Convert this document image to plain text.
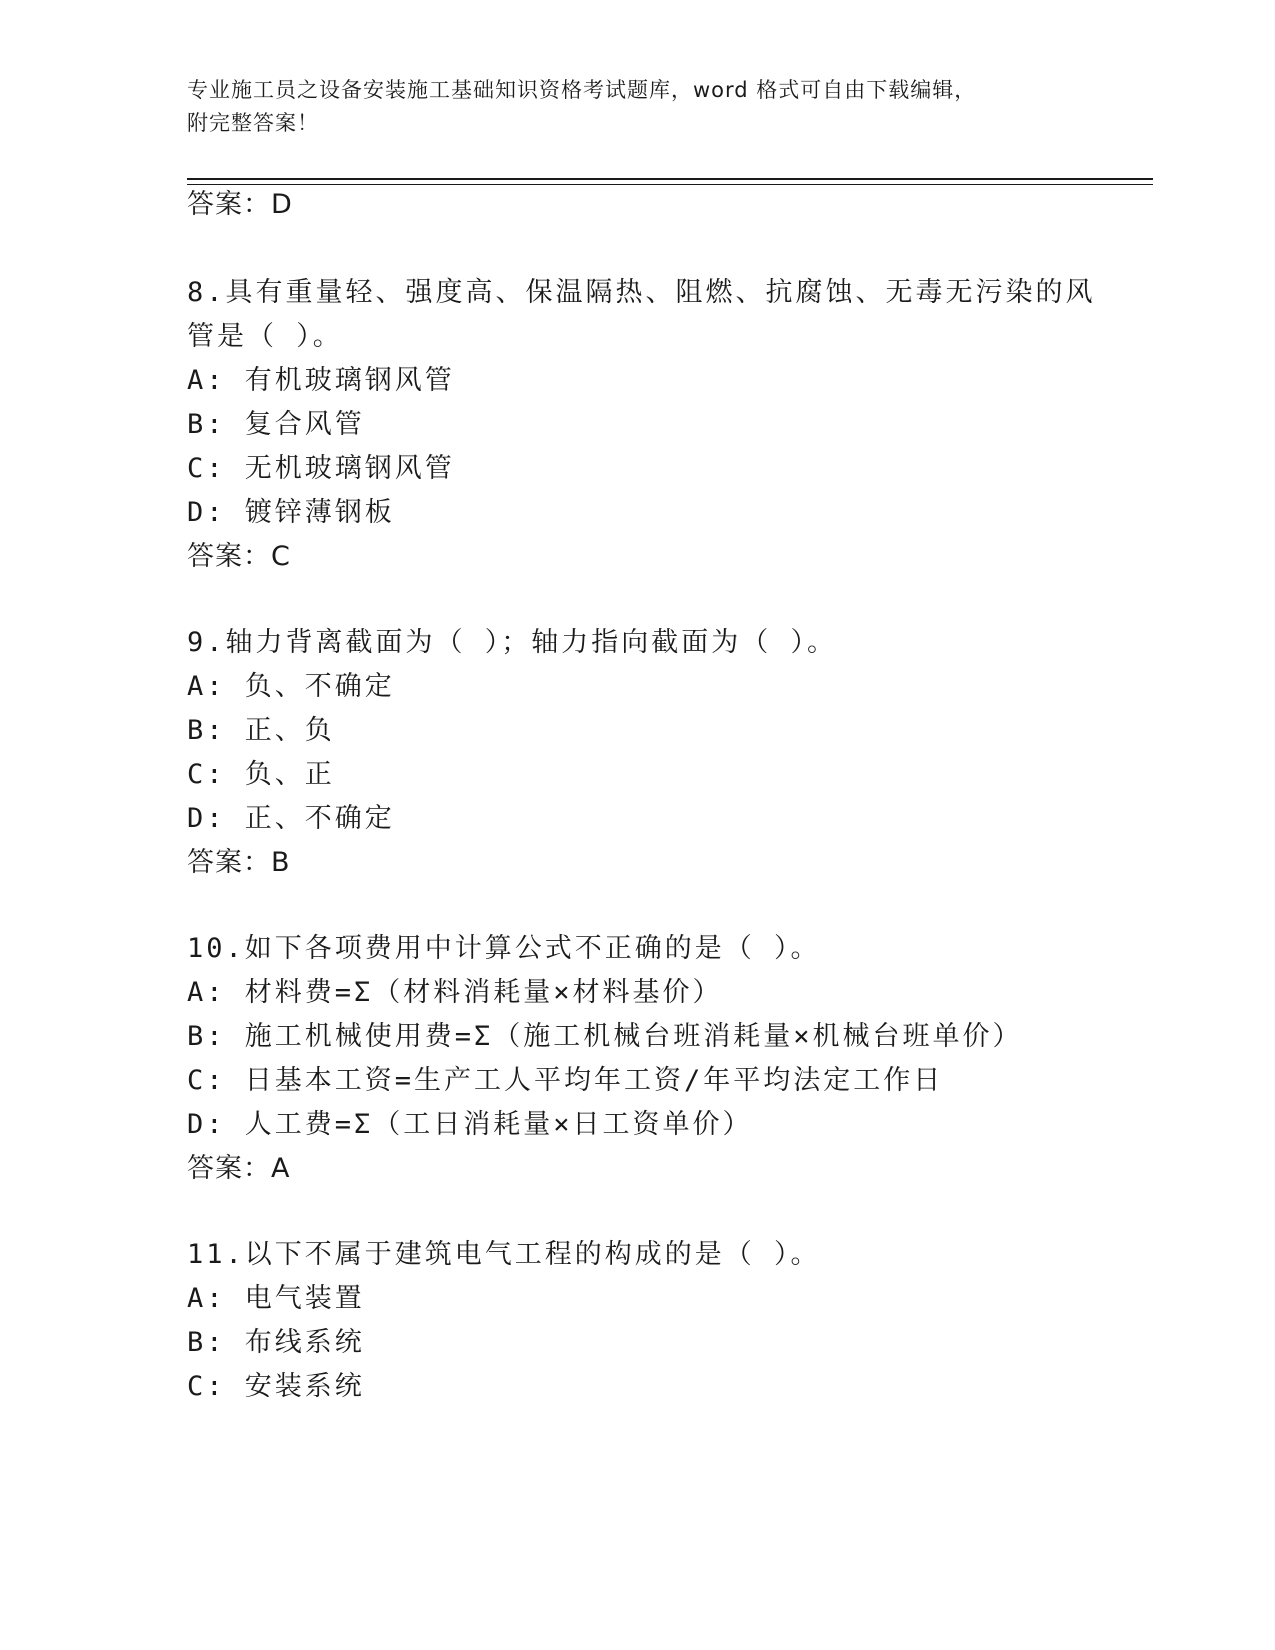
专业施工员之设备安装施工基础知识资格考试题库，word 格式可自由下载编辑，
附完整答案！
答案：D
8.具有重量轻、强度高、保温隔热、阻燃、抗腐蚀、无毒无污染的风
管是（ ）。
A: 有机玻璃钢风管
B: 复合风管
C: 无机玻璃钢风管
D: 镀锌薄钢板
答案：C
9.轴力背离截面为（ ）；轴力指向截面为（ ）。
A: 负、不确定
B: 正、负
C: 负、正
D: 正、不确定
答案：B
10.如下各项费用中计算公式不正确的是（ ）。
A: 材料费=Σ（材料消耗量×材料基价）
B: 施工机械使用费=Σ（施工机械台班消耗量×机械台班单价）
C: 日基本工资=生产工人平均年工资/年平均法定工作日
D: 人工费=Σ（工日消耗量×日工资单价）
答案：A
11.以下不属于建筑电气工程的构成的是（ ）。
A: 电气装置
B: 布线系统
C: 安装系统
